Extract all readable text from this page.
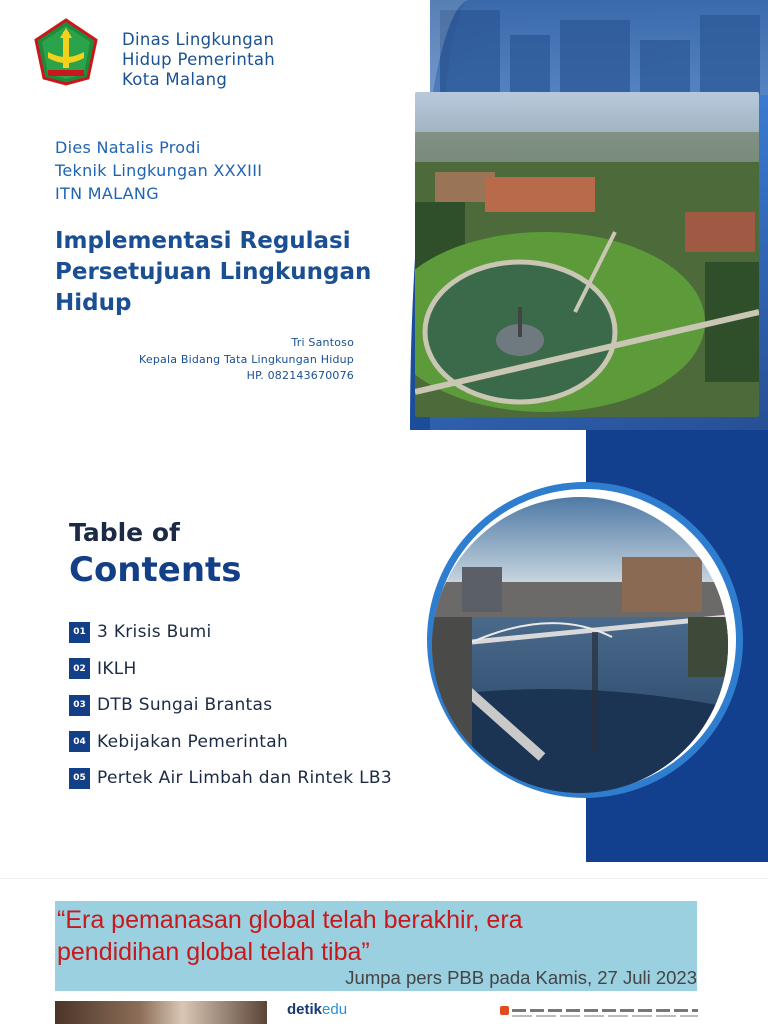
Dinas Lingkungan
Hidup Pemerintah
Kota Malang
Dies Natalis Prodi
Teknik Lingkungan XXXIII
ITN MALANG
Implementasi Regulasi
Persetujuan Lingkungan
Hidup
Tri Santoso
Kepala Bidang Tata Lingkungan Hidup
HP. 082143670076
Table of
Contents
01 3 Krisis Bumi
02 IKLH
03 DTB Sungai Brantas
04 Kebijakan Pemerintah
05 Pertek Air Limbah dan Rintek LB3
“Era pemanasan global telah berakhir, era
pendidihan global telah tiba”
Jumpa pers PBB pada Kamis, 27 Juli 2023
detikedu
